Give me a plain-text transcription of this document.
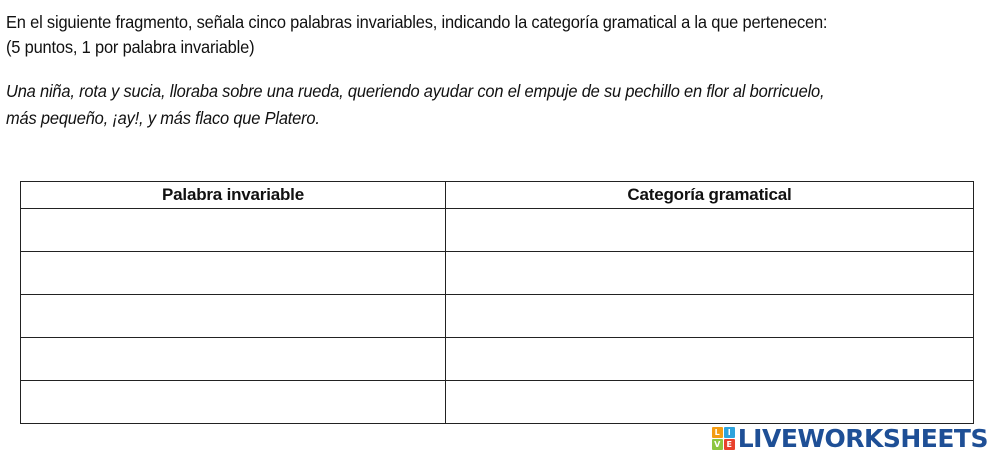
En el siguiente fragmento, señala cinco palabras invariables, indicando la categoría gramatical a la que pertenecen:
(5 puntos, 1 por palabra invariable)
Una niña, rota y sucia, lloraba sobre una rueda, queriendo ayudar con el empuje de su pechillo en flor al borricuelo,
más pequeño, ¡ay!, y más flaco que Platero.
Palabra invariable	Categoría gramatical

L I
V E LIVEWORKSHEETS
